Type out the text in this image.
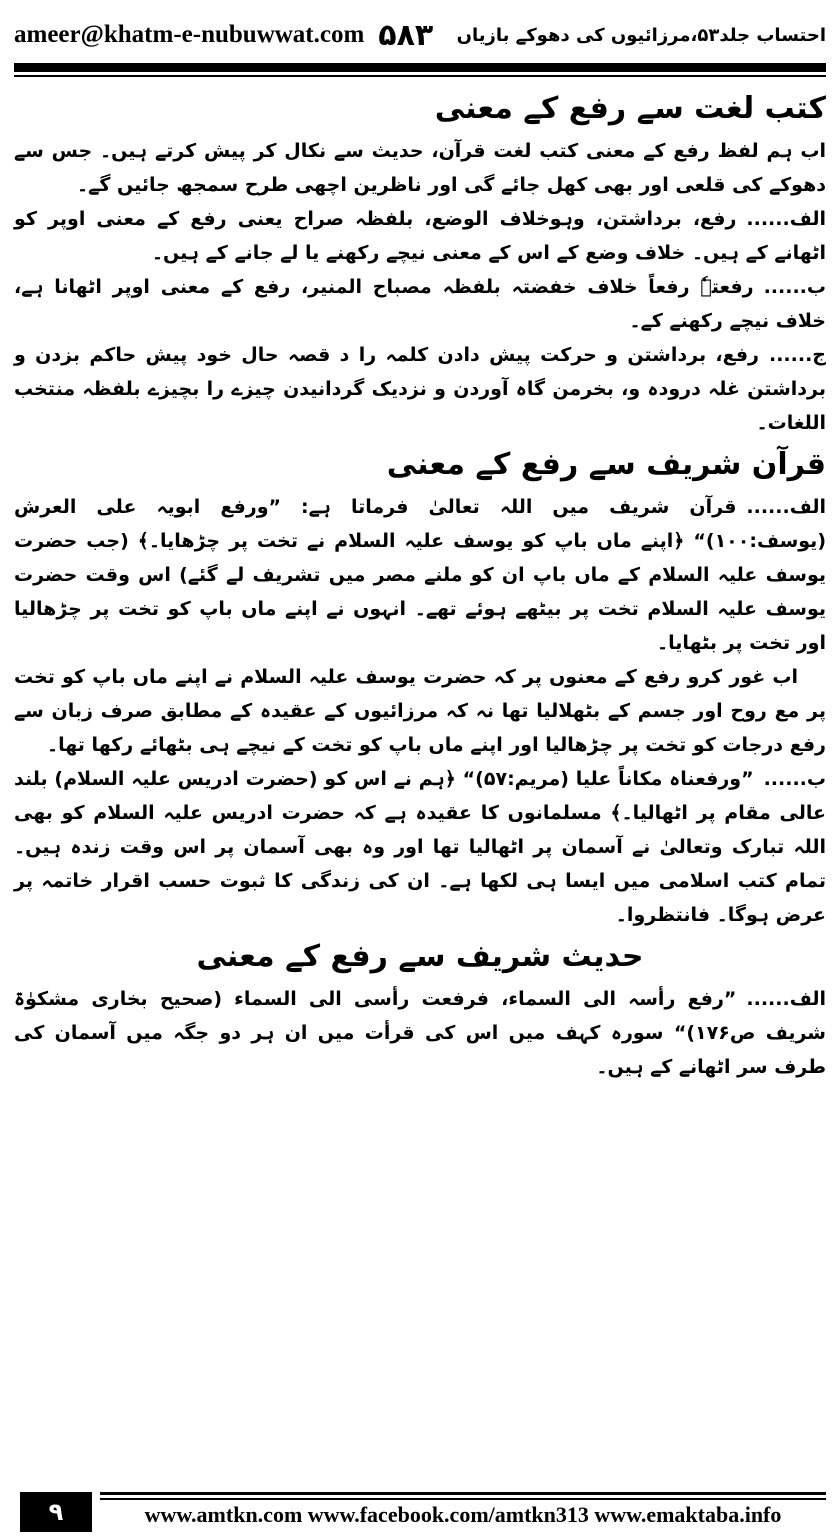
ameer@khatm-e-nubuwwat.com ۵۸۳ احتساب جلد۵۳،مرزائیوں کی دھوکے بازیاں
کتب لغت سے رفع کے معنی

اب ہم لفظ رفع کے معنی کتب لغت قرآن، حدیث سے نکال کر پیش کرتے ہیں۔ جس سے دھوکے کی قلعی اور بھی کھل جائے گی اور ناظرین اچھی طرح سمجھ جائیں گے۔

الف......رفع، برداشتن، وہوخلاف الوضع، بلفظہ صراح یعنی رفع کے معنی اوپر کو اٹھانے کے ہیں۔ خلاف وضع کے اس کے معنی نیچے رکھنے یا لے جانے کے ہیں۔

ب......رفعتہٗ رفعاً خلاف خفضتہ بلفظہ مصباح المنیر، رفع کے معنی اوپر اٹھانا ہے، خلاف نیچے رکھنے کے۔

ج......رفع، برداشتن و حرکت پیش دادن کلمہ را د قصہ حال خود پیش حاکم بزدن و برداشتن غلہ درودہ و، بخرمن گاہ آوردن و نزدیک گردانیدن چیزے را بچیزے بلفظہ منتخب اللغات۔

قرآن شریف سے رفع کے معنی

الف......قرآن شریف میں اللہ تعالیٰ فرماتا ہے: ”ورفع ابویہ علی العرش (یوسف:۱۰۰)“ ﴿اپنے ماں باپ کو یوسف علیہ السلام نے تخت پر چڑھایا۔﴾ (جب حضرت یوسف علیہ السلام کے ماں باپ ان کو ملنے مصر میں تشریف لے گئے) اس وقت حضرت یوسف علیہ السلام تخت پر بیٹھے ہوئے تھے۔ انہوں نے اپنے ماں باپ کو تخت پر چڑھالیا اور تخت پر بٹھایا۔

اب غور کرو رفع کے معنوں پر کہ حضرت یوسف علیہ السلام نے اپنے ماں باپ کو تخت پر مع روح اور جسم کے بٹھلالیا تھا نہ کہ مرزائیوں کے عقیدہ کے مطابق صرف زبان سے رفع درجات کو تخت پر چڑھالیا اور اپنے ماں باپ کو تخت کے نیچے ہی بٹھائے رکھا تھا۔

ب......”ورفعناہ مکاناً علیا (مریم:۵۷)“ ﴿ہم نے اس کو (حضرت ادریس علیہ السلام) بلند عالی مقام پر اٹھالیا۔﴾ مسلمانوں کا عقیدہ ہے کہ حضرت ادریس علیہ السلام کو بھی اللہ تبارک وتعالیٰ نے آسمان پر اٹھالیا تھا اور وہ بھی آسمان پر اس وقت زندہ ہیں۔ تمام کتب اسلامی میں ایسا ہی لکھا ہے۔ ان کی زندگی کا ثبوت حسب اقرار خاتمہ پر عرض ہوگا۔ فانتظروا۔

حدیث شریف سے رفع کے معنی

الف......”رفع رأسہ الی السماء، فرفعت رأسی الی السماء (صحیح بخاری مشکوٰۃ شریف ص۱۷۶)“ سورہ کہف میں اس کی قرأت میں ان ہر دو جگہ میں آسمان کی طرف سر اٹھانے کے ہیں۔

۹	www.amtkn.com www.facebook.com/amtkn313 www.emaktaba.info
